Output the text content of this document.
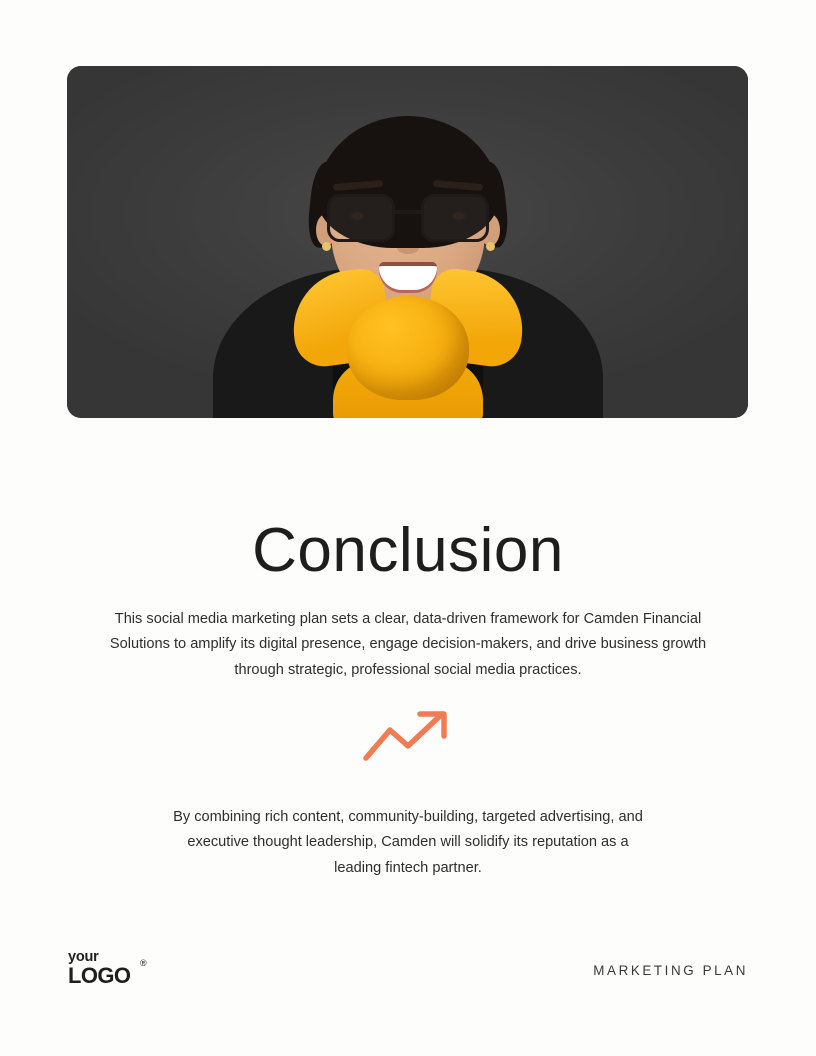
Conclusion

This social media marketing plan sets a clear, data-driven framework for Camden Financial Solutions to amplify its digital presence, engage decision-makers, and drive business growth through strategic, professional social media practices.

By combining rich content, community-building, targeted advertising, and executive thought leadership, Camden will solidify its reputation as a leading fintech partner.

your
LOGO	®	MARKETING PLAN
